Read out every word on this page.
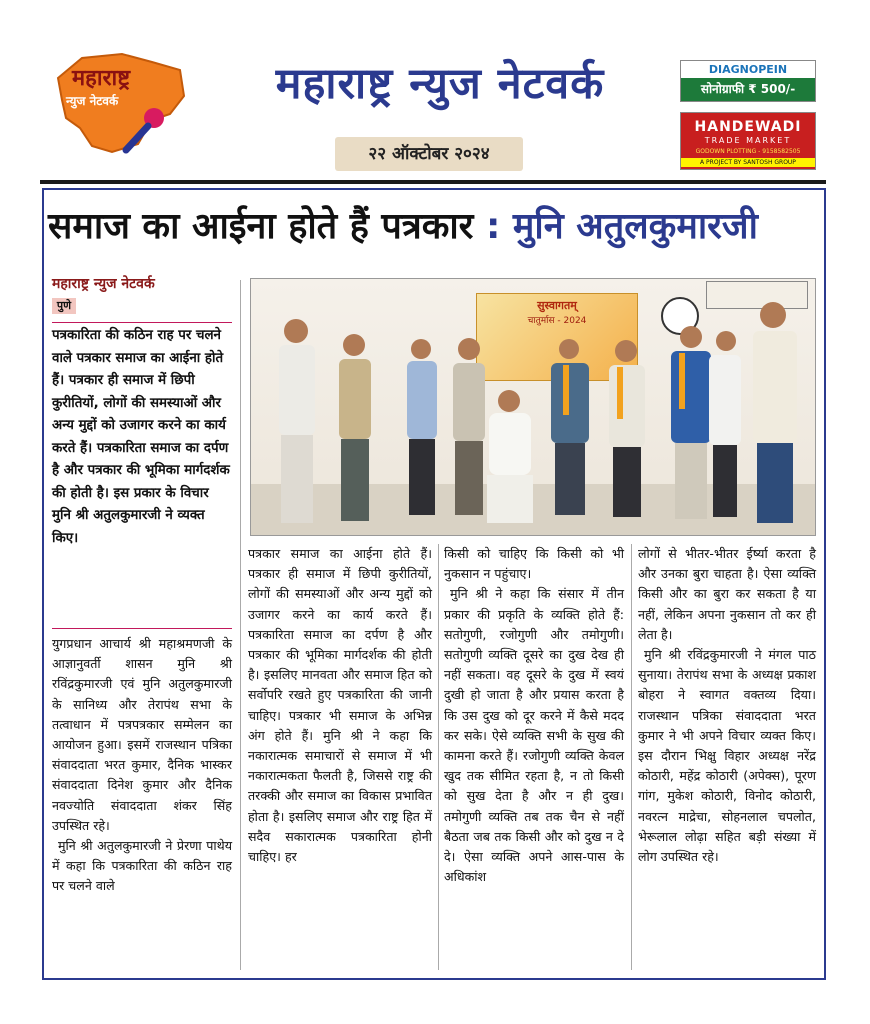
महाराष्ट्र
न्युज नेटवर्क	महाराष्ट्र न्युज नेटवर्क
२२ ऑक्टोबर २०२४
DIAGNOPEIN
सोनोग्राफी ₹ 500/-
HANDEWADI
TRADE MARKET
GODOWN PLOTTING - 9158582505
A PROJECT BY SANTOSH GROUP
समाज का आईना होते हैं पत्रकार : मुनि अतुलकुमारजी
महाराष्ट्र न्युज नेटवर्क
पुणे
पत्रकारिता की कठिन राह पर चलने वाले पत्रकार समाज का आईना होते हैं। पत्रकार ही समाज में छिपी कुरीतियों, लोगों की समस्याओं और अन्य मुद्दों को उजागर करने का कार्य करते हैं। पत्रकारिता समाज का दर्पण है और पत्रकार की भूमिका मार्गदर्शक की होती है। इस प्रकार के विचार मुनि श्री अतुलकुमारजी ने व्यक्त किए।
सुस्वागतम्
चातुर्मास - 2024

युगप्रधान आचार्य श्री महाश्रमणजी के आज्ञानुवर्ती शासन मुनि श्री रविंद्रकुमारजी एवं मुनि अतुलकुमारजी के सानिध्य और तेरापंथ सभा के तत्वाधान में पत्रपत्रकार सम्मेलन का आयोजन हुआ। इसमें राजस्थान पत्रिका संवाददाता भरत कुमार, दैनिक भास्कर संवाददाता दिनेश कुमार और दैनिक नवज्योति संवाददाता शंकर सिंह उपस्थित रहे।

मुनि श्री अतुलकुमारजी ने प्रेरणा पाथेय में कहा कि पत्रकारिता की कठिन राह पर चलने वाले

पत्रकार समाज का आईना होते हैं। पत्रकार ही समाज में छिपी कुरीतियों, लोगों की समस्याओं और अन्य मुद्दों को उजागर करने का कार्य करते हैं। पत्रकारिता समाज का दर्पण है और पत्रकार की भूमिका मार्गदर्शक की होती है। इसलिए मानवता और समाज हित को सर्वोपरि रखते हुए पत्रकारिता की जानी चाहिए। पत्रकार भी समाज के अभिन्न अंग होते हैं। मुनि श्री ने कहा कि नकारात्मक समाचारों से समाज में भी नकारात्मकता फैलती है, जिससे राष्ट्र की तरक्की और समाज का विकास प्रभावित होता है। इसलिए समाज और राष्ट्र हित में सदैव सकारात्मक पत्रकारिता होनी चाहिए। हर

किसी को चाहिए कि किसी को भी नुकसान न पहुंचाए।

मुनि श्री ने कहा कि संसार में तीन प्रकार की प्रकृति के व्यक्ति होते हैं: सतोगुणी, रजोगुणी और तमोगुणी। सतोगुणी व्यक्ति दूसरे का दुख देख ही नहीं सकता। वह दूसरे के दुख में स्वयं दुखी हो जाता है और प्रयास करता है कि उस दुख को दूर करने में कैसे मदद कर सके। ऐसे व्यक्ति सभी के सुख की कामना करते हैं। रजोगुणी व्यक्ति केवल खुद तक सीमित रहता है, न तो किसी को सुख देता है और न ही दुख। तमोगुणी व्यक्ति तब तक चैन से नहीं बैठता जब तक किसी और को दुख न दे दे। ऐसा व्यक्ति अपने आस-पास के अधिकांश

लोगों से भीतर-भीतर ईर्ष्या करता है और उनका बुरा चाहता है। ऐसा व्यक्ति किसी और का बुरा कर सकता है या नहीं, लेकिन अपना नुकसान तो कर ही लेता है।

मुनि श्री रविंद्रकुमारजी ने मंगल पाठ सुनाया। तेरापंथ सभा के अध्यक्ष प्रकाश बोहरा ने स्वागत वक्तव्य दिया। राजस्थान पत्रिका संवाददाता भरत कुमार ने भी अपने विचार व्यक्त किए। इस दौरान भिक्षु विहार अध्यक्ष नरेंद्र कोठारी, महेंद्र कोठारी (अपेक्स), पूरण गांग, मुकेश कोठारी, विनोद कोठारी, नवरत्न माद्रेचा, सोहनलाल चपलोत, भेरूलाल लोढ़ा सहित बड़ी संख्या में लोग उपस्थित रहे।
